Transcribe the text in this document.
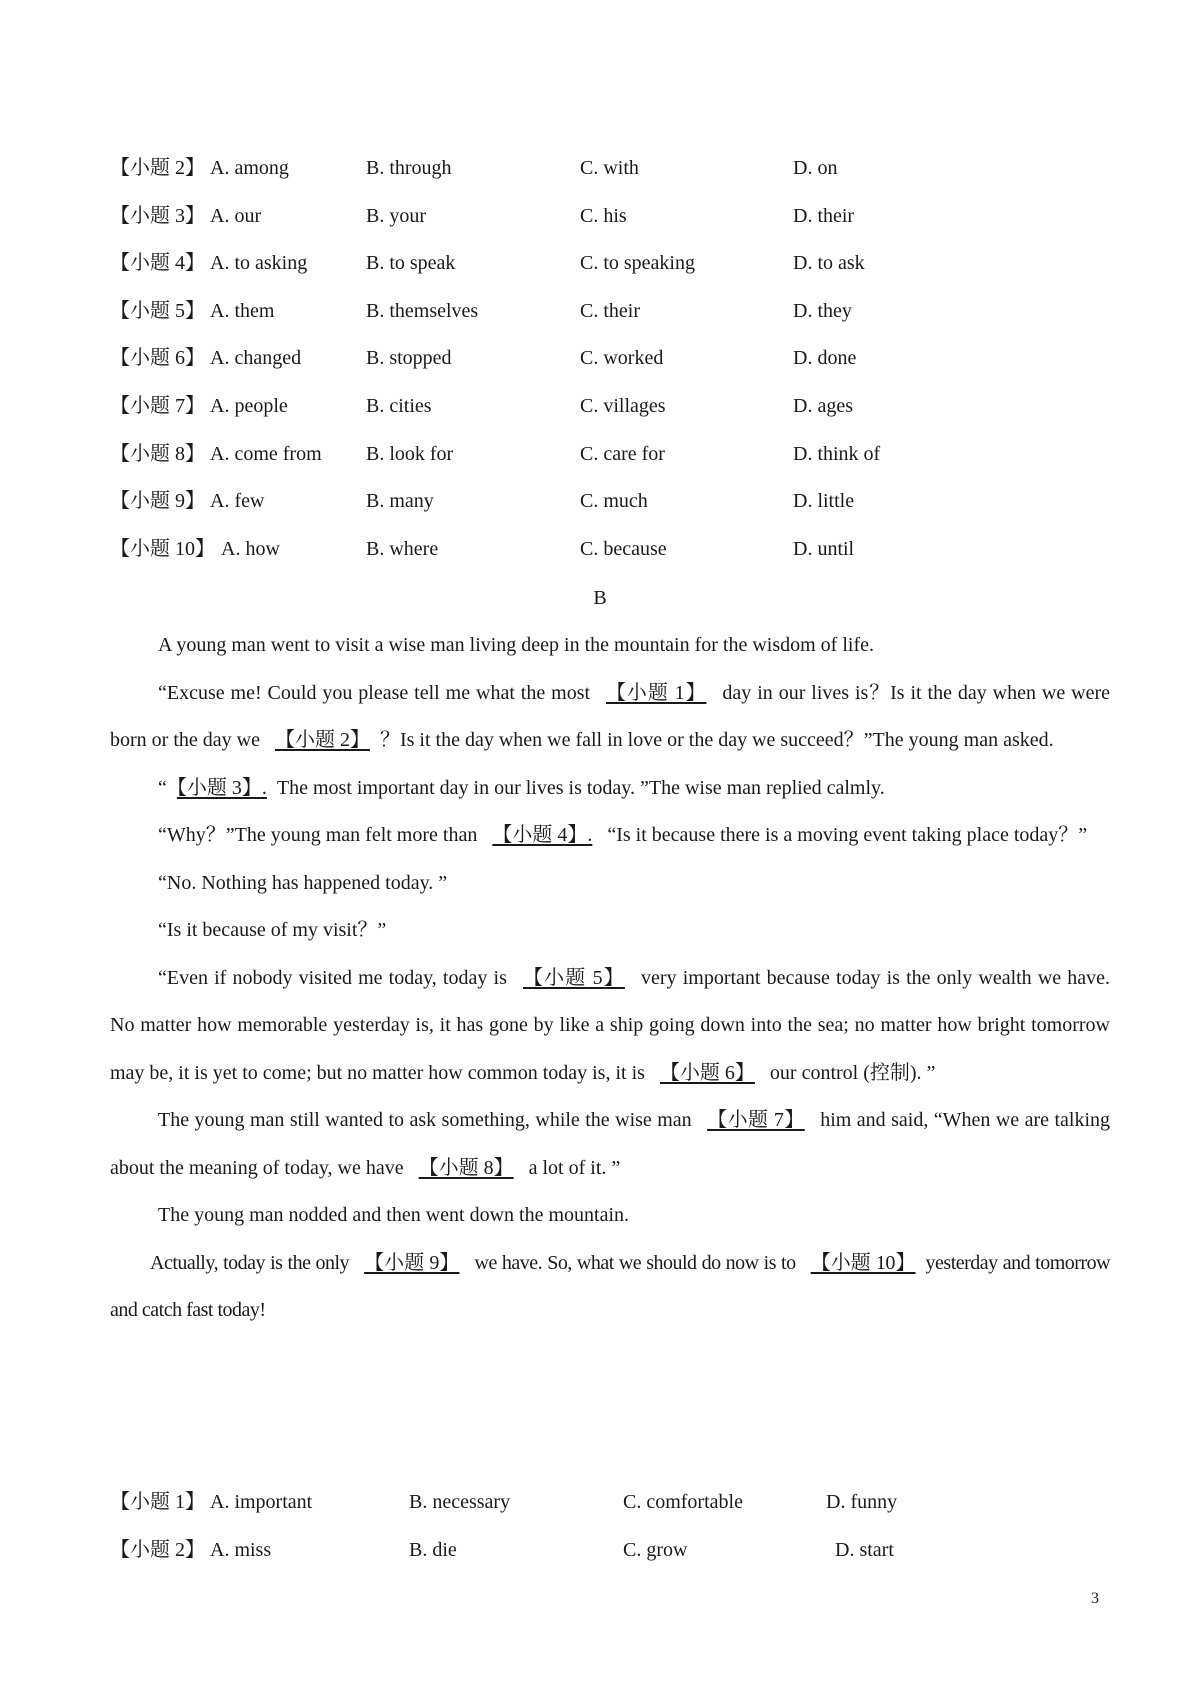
【小题 2】 A. among	B. through	C. with	D. on
【小题 3】 A. our	B. your	C. his	D. their
【小题 4】 A. to asking	B. to speak	C. to speaking	D. to ask
【小题 5】 A. them	B. themselves	C. their	D. they
【小题 6】 A. changed	B. stopped	C. worked	D. done
【小题 7】 A. people	B. cities	C. villages	D. ages
【小题 8】 A. come from B. look for	C. care for	D. think of
【小题 9】 A. few	B. many	C. much	D. little
【小题 10】 A. how	B. where	C. because	D. until
B

A young man went to visit a wise man living deep in the mountain for the wisdom of life.

“Excuse me! Could you please tell me what the most 【小题 1】 day in our lives is？Is it the day when we were born or the day we 【小题 2】 ？Is it the day when we fall in love or the day we succeed？”The young man asked.

“ 【小题 3】. The most important day in our lives is today. ”The wise man replied calmly.

“Why？”The young man felt more than 【小题 4】. “Is it because there is a moving event taking place today？”

“No. Nothing has happened today. ”

“Is it because of my visit？”

“Even if nobody visited me today, today is 【小题 5】 very important because today is the only wealth we have. No matter how memorable yesterday is, it has gone by like a ship going down into the sea; no matter how bright tomorrow may be, it is yet to come; but no matter how common today is, it is 【小题 6】 our control (控制). ”

The young man still wanted to ask something, while the wise man 【小题 7】 him and said, “When we are talking about the meaning of today, we have 【小题 8】 a lot of it. ”

The young man nodded and then went down the mountain.

Actually, today is the only 【小题 9】 we have. So, what we should do now is to 【小题 10】 yesterday and tomorrow and catch fast today!

【小题 1】 A. important	B. necessary	C. comfortable	D. funny
【小题 2】 A. miss	B. die	C. grow	D. start
3
